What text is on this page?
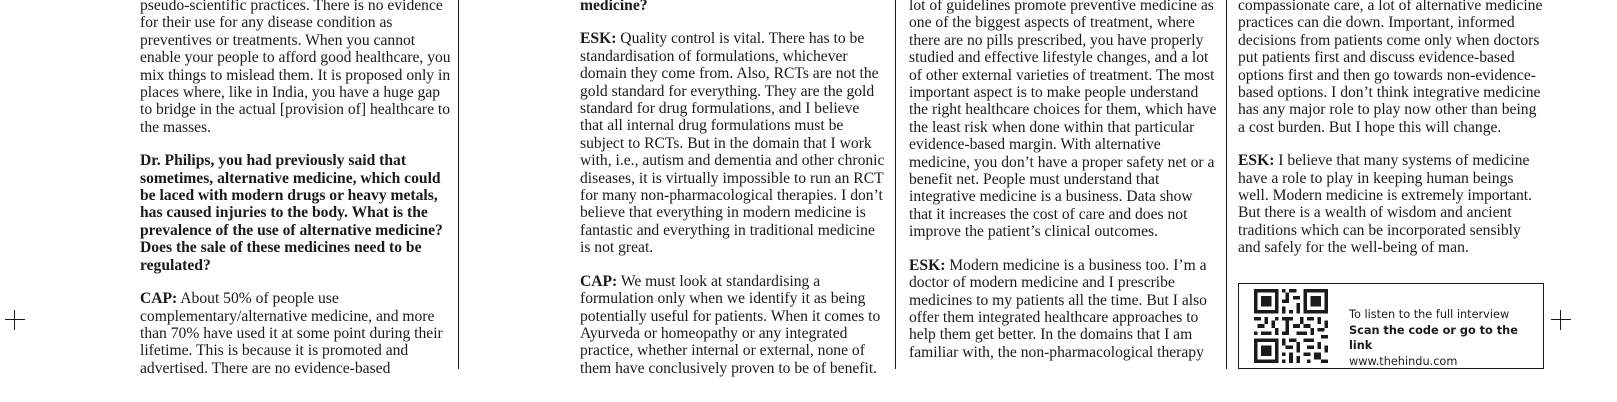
pseudo-scientific practices. There is no evidence for their use for any disease condition as preventives or treatments. When you cannot enable your people to afford good healthcare, you mix things to mislead them. It is proposed only in places where, like in India, you have a huge gap to bridge in the actual [provision of] healthcare to the masses.

Dr. Philips, you had previously said that sometimes, alternative medicine, which could be laced with modern drugs or heavy metals, has caused injuries to the body. What is the prevalence of the use of alternative medicine? Does the sale of these medicines need to be regulated?

CAP: About 50% of people use complementary/alternative medicine, and more than 70% have used it at some point during their lifetime. This is because it is promoted and advertised. There are no evidence-based

medicine?

ESK: Quality control is vital. There has to be standardisation of formulations, whichever domain they come from. Also, RCTs are not the gold standard for everything. They are the gold standard for drug formulations, and I believe that all internal drug formulations must be subject to RCTs. But in the domain that I work with, i.e., autism and dementia and other chronic diseases, it is virtually impossible to run an RCT for many non-pharmacological therapies. I don’t believe that everything in modern medicine is fantastic and everything in traditional medicine is not great.

CAP: We must look at standardising a formulation only when we identify it as being potentially useful for patients. When it comes to Ayurveda or homeopathy or any integrated practice, whether internal or external, none of them have conclusively proven to be of benefit.

lot of guidelines promote preventive medicine as one of the biggest aspects of treatment, where there are no pills prescribed, you have properly studied and effective lifestyle changes, and a lot of other external varieties of treatment. The most important aspect is to make people understand the right healthcare choices for them, which have the least risk when done within that particular evidence-based margin. With alternative medicine, you don’t have a proper safety net or a benefit net. People must understand that integrative medicine is a business. Data show that it increases the cost of care and does not improve the patient’s clinical outcomes.

ESK: Modern medicine is a business too. I’m a doctor of modern medicine and I prescribe medicines to my patients all the time. But I also offer them integrated healthcare approaches to help them get better. In the domains that I am familiar with, the non-pharmacological therapy

compassionate care, a lot of alternative medicine practices can die down. Important, informed decisions from patients come only when doctors put patients first and discuss evidence-based options first and then go towards non-evidence-based options. I don’t think integrative medicine has any major role to play now other than being a cost burden. But I hope this will change.

ESK: I believe that many systems of medicine have a role to play in keeping human beings well. Modern medicine is extremely important. But there is a wealth of wisdom and ancient traditions which can be incorporated sensibly and safely for the well-being of man.

To listen to the full interview
Scan the code or go to the link
www.thehindu.com
